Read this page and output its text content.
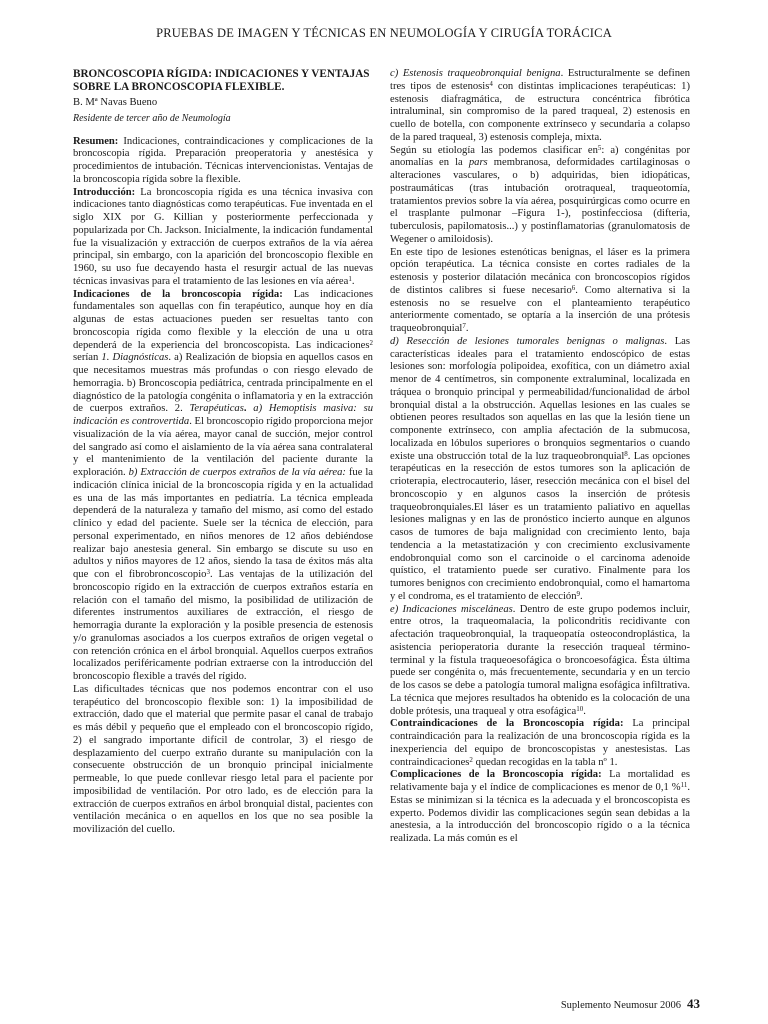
PRUEBAS DE IMAGEN Y TÉCNICAS EN NEUMOLOGÍA Y CIRUGÍA TORÁCICA
BRONCOSCOPIA RÍGIDA: INDICACIONES Y VENTAJAS SOBRE LA BRONCOSCOPIA FLEXIBLE.
B. Mª Navas Bueno
Residente de tercer año de Neumología

Resumen: Indicaciones, contraindicaciones y complicaciones de la broncoscopia rígida. Preparación preoperatoria y anestésica y procedimientos de intubación. Técnicas intervencionistas. Ventajas de la broncoscopia rígida sobre la flexible.

Introducción: La broncoscopia rígida es una técnica invasiva con indicaciones tanto diagnósticas como terapéuticas. Fue inventada en el siglo XIX por G. Killian y posteriormente perfeccionada y popularizada por Ch. Jackson. Inicialmente, la indicación fundamental fue la visualización y extracción de cuerpos extraños de la vía aérea principal, sin embargo, con la aparición del broncoscopio flexible en 1960, su uso fue decayendo hasta el resurgir actual de las nuevas técnicas invasivas para el tratamiento de las lesiones en vía aérea$^1$.

Indicaciones de la broncoscopia rígida: Las indicaciones fundamentales son aquellas con fin terapéutico, aunque hoy en día algunas de estas actuaciones pueden ser resueltas tanto con broncoscopia rígida como flexible y la elección de una u otra dependerá de la experiencia del broncoscopista. Las indicaciones$^2$ serían 1. Diagnósticas. a) Realización de biopsia en aquellos casos en que necesitamos muestras más profundas o con riesgo elevado de hemorragia. b) Broncoscopia pediátrica, centrada principalmente en el diagnóstico de la patología congénita o inflamatoria y en la extracción de cuerpos extraños. 2. Terapéuticas. a) Hemoptisis masiva: su indicación es controvertida. El broncoscopio rígido proporciona mejor visualización de la vía aérea, mayor canal de succión, mejor control del sangrado así como el aislamiento de la vía aérea sana contralateral y el mantenimiento de la ventilación del paciente durante la exploración. b) Extracción de cuerpos extraños de la vía aérea: fue la indicación clínica inicial de la broncoscopia rígida y en la actualidad es una de las más importantes en pediatría. La técnica empleada dependerá de la naturaleza y tamaño del mismo, así como del estado clínico y edad del paciente. Suele ser la técnica de elección, para personal experimentado, en niños menores de 12 años debiéndose realizar bajo anestesia general. Sin embargo se discute su uso en adultos y niños mayores de 12 años, siendo la tasa de éxitos más alta que con el fibrobroncoscopio$^3$. Las ventajas de la utilización del broncoscopio rígido en la extracción de cuerpos extraños estaría en relación con el tamaño del mismo, la posibilidad de utilización de diferentes instrumentos auxiliares de extracción, el riesgo de hemorragia durante la exploración y la posible presencia de estenosis y/o granulomas asociados a los cuerpos extraños de origen vegetal o con retención crónica en el árbol bronquial. Aquellos cuerpos extraños localizados periféricamente podrían extraerse con la introducción del broncoscopio flexible a través del rígido.

Las dificultades técnicas que nos podemos encontrar con el uso terapéutico del broncoscopio flexible son: 1) la imposibilidad de extracción, dado que el material que permite pasar el canal de trabajo es más débil y pequeño que el empleado con el broncoscopio rígido, 2) el sangrado importante difícil de controlar, 3) el riesgo de desplazamiento del cuerpo extraño durante su manipulación con la consecuente obstrucción de un bronquio principal inicialmente permeable, lo que puede conllevar riesgo letal para el paciente por imposibilidad de ventilación. Por otro lado, es de elección para la extracción de cuerpos extraños en árbol bronquial distal, pacientes con ventilación mecánica o en aquellos en los que no sea posible la movilización del cuello.

c) Estenosis traqueobronquial benigna. Estructuralmente se definen tres tipos de estenosis$^4$ con distintas implicaciones terapéuticas: 1) estenosis diafragmática, de estructura concéntrica fibrótica intraluminal, sin compromiso de la pared traqueal, 2) estenosis en cuello de botella, con componente extrínseco y secundaria a colapso de la pared traqueal, 3) estenosis compleja, mixta.

Según su etiología las podemos clasificar $en^5$: a) congénitas por anomalías en la pars membranosa, deformidades cartilaginosas o alteraciones vasculares, o b) adquiridas, bien idiopáticas, postraumáticas (tras intubación orotraqueal, traqueotomía, tratamientos previos sobre la vía aérea, posquirúrgicas como ocurre en el trasplante pulmonar –Figura 1-), postinfecciosa (difteria, tuberculosis, papilomatosis...) y postinflamatorias (granulomatosis de Wegener o amiloidosis).

En este tipo de lesiones estenóticas benignas, el láser es la primera opción terapéutica. La técnica consiste en cortes radiales de la estenosis y posterior dilatación mecánica con broncoscopios rígidos de distintos calibres si fuese necesario$^6$. Como alternativa si la estenosis no se resuelve con el planteamiento terapéutico anteriormente comentado, se optaría a la inserción de una prótesis traqueobronquial$^7$.

d) Resección de lesiones tumorales benignas o malignas. Las características ideales para el tratamiento endoscópico de estas lesiones son: morfología polipoidea, exofítica, con un diámetro axial menor de 4 centímetros, sin componente extraluminal, localizada en tráquea o bronquio principal y permeabilidad/funcionalidad de árbol bronquial distal a la obstrucción. Aquellas lesiones en las cuales se obtienen peores resultados son aquellas en las que la lesión tiene un componente extrínseco, con amplia afectación de la submucosa, localizada en lóbulos superiores o bronquios segmentarios o cuando existe una obstrucción total de la luz traqueobronquial$^8$. Las opciones terapéuticas en la resección de estos tumores son la aplicación de crioterapia, electrocauterio, láser, resección mecánica con el bisel del broncoscopio y en algunos casos la inserción de prótesis traqueobronquiales.El láser es un tratamiento paliativo en aquellas lesiones malignas y en las de pronóstico incierto aunque en algunos casos de tumores de baja malignidad con crecimiento lento, baja tendencia a la metastatización y con crecimiento exclusivamente endobronquial como son el carcinoide o el carcinoma adenoide quístico, el tratamiento puede ser curativo. Finalmente para los tumores benignos con crecimiento endobronquial, como el hamartoma y el condroma, es el tratamiento de elección$^9$.

e) Indicaciones misceláneas. Dentro de este grupo podemos incluir, entre otros, la traqueomalacia, la policondritis recidivante con afectación traqueobronquial, la traqueopatía osteocondroplástica, la asistencia perioperatoria durante la resección traqueal término-terminal y la fístula traqueoesofágica o broncoesofágica. Ésta última puede ser congénita o, más frecuentemente, secundaria y en un tercio de los casos se debe a patología tumoral maligna esofágica infiltrativa. La técnica que mejores resultados ha obtenido es la colocación de una doble prótesis, una traqueal y otra esofágica$^{10}$.

Contraindicaciones de la Broncoscopia rígida: La principal contraindicación para la realización de una broncoscopia rígida es la inexperiencia del equipo de broncoscopistas y anestesistas. Las contraindicaciones$^2$ quedan recogidas en la tabla nº 1.

Complicaciones de la Broncoscopia rígida: La mortalidad es relativamente baja y el índice de complicaciones es menor de 0,1 %$^{11}$. Estas se minimizan si la técnica es la adecuada y el broncoscopista es experto. Podemos dividir las complicaciones según sean debidas a la anestesia, a la introducción del broncoscopio rígido o a la técnica realizada. La más común es el

Suplemento Neumosur 2006 43
